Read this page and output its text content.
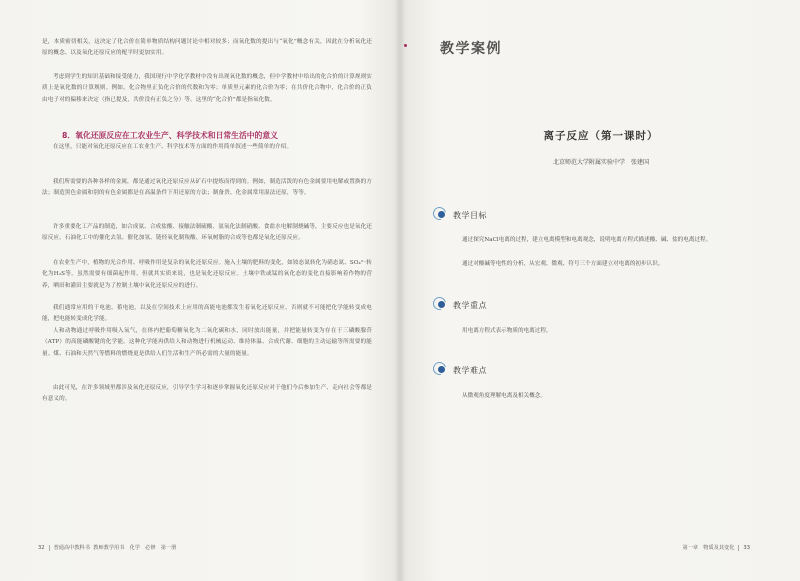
是，本质密切相关，这决定了化合价在简单物质结构问题讨论中相对较多；而氧化数的提出与“氧化”概念有关，因此在分析氧化还原的概念、以及氧化还原反应的配平时更加实用。

考虑到学生的知识基础和接受能力，我国现行中学化学教材中没有出现氧化数的概念，但中学教材中给出的化合价的计算规则实质上是氧化数的计算规则。例如，化合物里正负化合价的代数和为零；单质里元素的化合价为零；在共价化合物中，化合价的正负由电子对的偏移来决定（指已提及，共价没有正负之分）等。这里的“化合价”都是指氧化数。

8．氧化还原反应在工农业生产、科学技术和日常生活中的意义

在这里，只能对氧化还原反应在工农业生产、科学技术等方面的作用简单叙述一些简单的介绍。

我们所需要的各种各样的金属，都是通过氧化还原反应从矿石中提炼而得到的。例如，制造活泼的有色金属要用电解或置换的方法；制造黑色金属和别的有色金属都是在高温条件下用还原的方法；制备贵、化金属常用湿法还原，等等。

许多重要化工产品的制造，如合成氨、合成盐酸、接触法制硫酸、氨氧化法制硝酸、食盐水电解制烧碱等，主要反应也是氧化还原反应。石油化工中的催化去氢、催化加氢、链烃氧化制羧酸、环氧树脂的合成等也都是氧化还原反应。

在农业生产中，植物的光合作用、呼吸作用是复杂的氧化还原反应。施入土壤的肥料的变化，如铵态氮转化为硝态氮、SO₄²⁻转化为H₂S等，虽然需要有细菌起作用，但就其实质来说，也是氧化还原反应。土壤中铁或锰的氧化态的变化直接影响着作物的营养，晒田和灌田主要就是为了控制土壤中氧化还原反应的进行。

我们通常应用的干电池、蓄电池，以及在空间技术上应用的高能电池都发生着氧化还原反应，否则就不可能把化学能转变成电能，把电能转变成化学能。

人和动物通过呼吸作用吸入氧气，在体内把葡萄糖氧化为二氧化碳和水，同时放出能量，并把能量转变为存在于三磷酸腺苷（ATP）的高能磷酸键的化学能。这种化学能再供给人和动物进行机械运动、维持体温、合成代谢、细胞的主动运输等所需要的能量。煤、石油和天然气等燃料的燃烧更是供给人们生活和生产所必需的大量的能量。

由此可见，在许多领域里都涉及氧化还原反应，引导学生学习和逐步掌握氧化还原反应对于他们今后参加生产、走向社会等都是有意义的。

32 普通高中教科书 教师教学用书　化学　必修　第一册
教学案例
离子反应（第一课时）

北京师范大学附属实验中学　张建国

教学目标

通过探究NaCl电离的过程，建立电离模型和电离观念，说明电离方程式描述酸、碱、盐的电离过程。

通过对酸碱等电性的分析，从宏观、微观、符号三个方面建立对电离的初步认识。

教学重点

用电离方程式表示物质的电离过程。

教学难点

从微观角度理解电离及相关概念。

第一章　物质及其变化 33
